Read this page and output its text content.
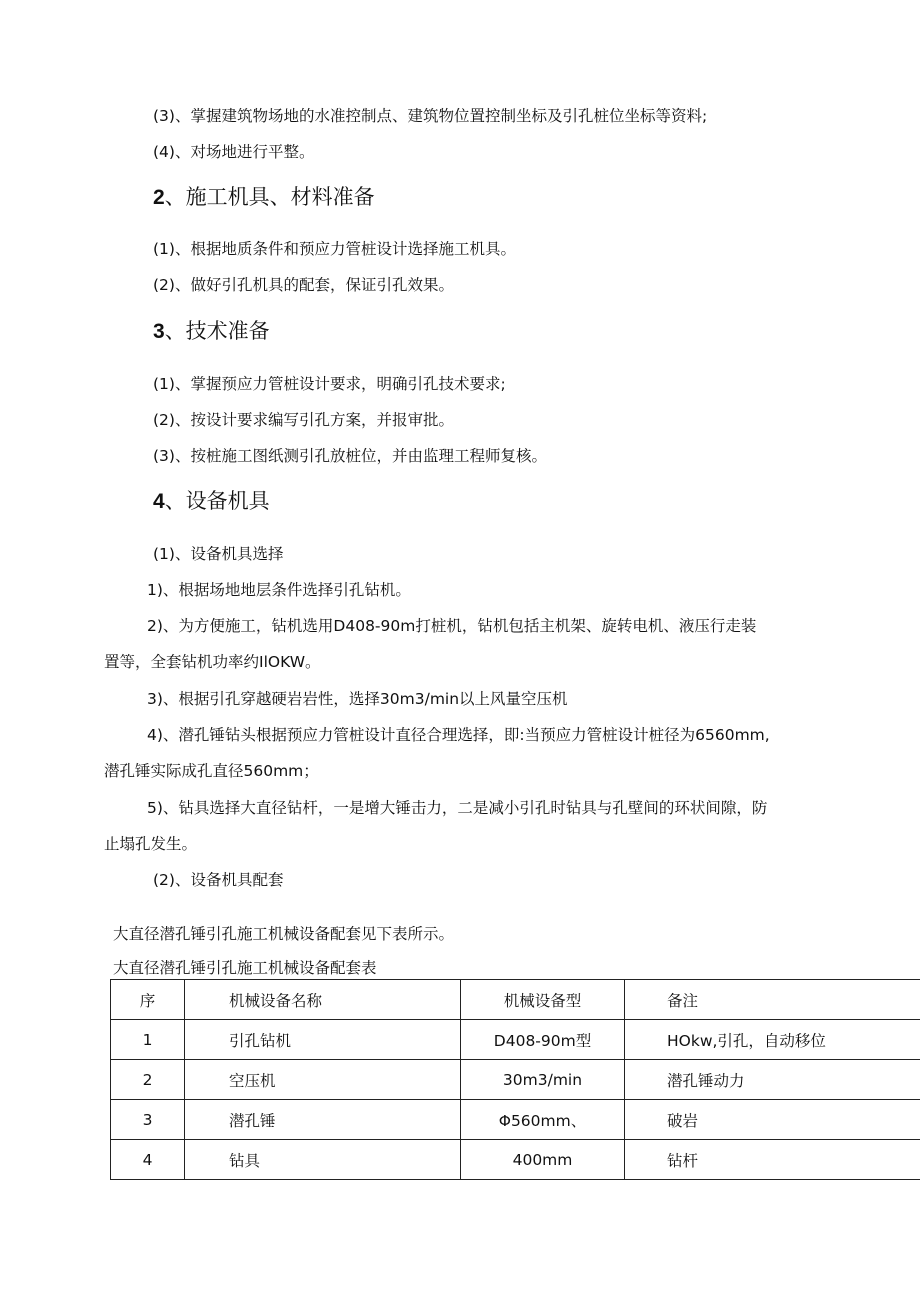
(3)、掌握建筑物场地的水准控制点、建筑物位置控制坐标及引孔桩位坐标等资料;
(4)、对场地进行平整。
2、施工机具、材料准备
(1)、根据地质条件和预应力管桩设计选择施工机具。
(2)、做好引孔机具的配套，保证引孔效果。
3、技术准备
(1)、掌握预应力管桩设计要求，明确引孔技术要求;
(2)、按设计要求编写引孔方案，并报审批。
(3)、按桩施工图纸测引孔放桩位，并由监理工程师复核。
4、设备机具
(1)、设备机具选择
1)、根据场地地层条件选择引孔钻机。
2)、为方便施工，钻机选用D408-90m打桩机，钻机包括主机架、旋转电机、液压行走装
置等，全套钻机功率约IlOKW。
3)、根据引孔穿越硬岩岩性，选择30m3∕min以上风量空压机
4)、潜孔锤钻头根据预应力管桩设计直径合理选择，即:当预应力管桩设计桩径为6560mm,
潜孔锤实际成孔直径560mm；
5)、钻具选择大直径钻杆，一是增大锤击力，二是减小引孔时钻具与孔壁间的环状间隙，防
止塌孔发生。
(2)、设备机具配套
大直径潜孔锤引孔施工机械设备配套见下表所示。
大直径潜孔锤引孔施工机械设备配套表
序	机械设备名称	机械设备型	备注
1	引孔钻机	D408-90m型	HOkw,引孔，自动移位
2	空压机	30m3∕min	潜孔锤动力
3	潜孔锤	Φ560mm、	破岩
4	钻具	400mm	钻杆
